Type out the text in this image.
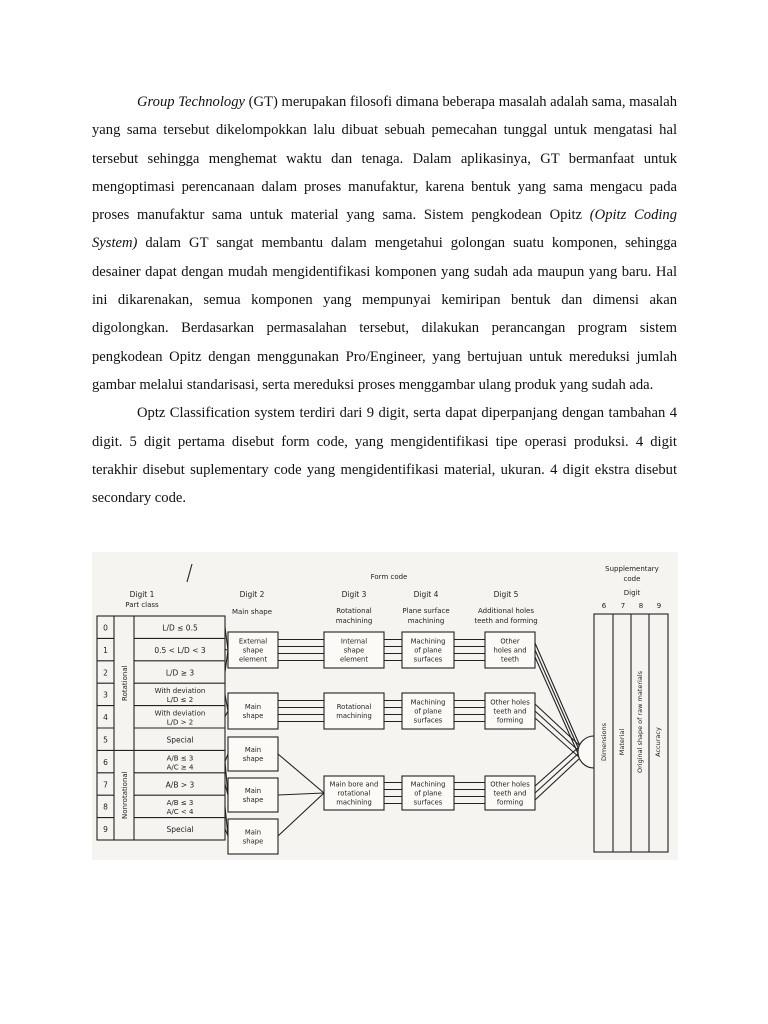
Group Technology (GT) merupakan filosofi dimana beberapa masalah adalah sama, masalah yang sama tersebut dikelompokkan lalu dibuat sebuah pemecahan tunggal untuk mengatasi hal tersebut sehingga menghemat waktu dan tenaga. Dalam aplikasinya, GT bermanfaat untuk mengoptimasi perencanaan dalam proses manufaktur, karena bentuk yang sama mengacu pada proses manufaktur sama untuk material yang sama. Sistem pengkodean Opitz (Opitz Coding System) dalam GT sangat membantu dalam mengetahui golongan suatu komponen, sehingga desainer dapat dengan mudah mengidentifikasi komponen yang sudah ada maupun yang baru. Hal ini dikarenakan, semua komponen yang mempunyai kemiripan bentuk dan dimensi akan digolongkan. Berdasarkan permasalahan tersebut, dilakukan perancangan program sistem pengkodean Opitz dengan menggunakan Pro/Engineer, yang bertujuan untuk mereduksi jumlah gambar melalui standarisasi, serta mereduksi proses menggambar ulang produk yang sudah ada.

Optz Classification system terdiri dari 9 digit, serta dapat diperpanjang dengan tambahan 4 digit. 5 digit pertama disebut form code, yang mengidentifikasi tipe operasi produksi. 4 digit terakhir disebut suplementary code yang mengidentifikasi material, ukuran. 4 digit ekstra disebut secondary code.

Form code
Supplementary
code
Digit
6 7 8 9
Digit 1
Part class
Digit 2
Main shape
Digit 3
Rotational
machining
Digit 4
Plane surface
machining
Digit 5
Additional holes
teeth and forming
0	L/D ≤ 0.5
1	0.5 < L/D < 3
2	L/D ≥ 3
3	With deviation
L/D ≤ 2
4	With deviation
L/D > 2
5	Special
6	A/B ≤ 3
A/C ≥ 4
7	A/B > 3
8	A/B ≤ 3
A/C < 4
9	Special
Rotational
Nonrotational
External
shape
element
Main
shape
Main
shape
Main
shape
Main
shape
Internal
shape
element
Rotational
machining
Main bore and
rotational
machining
Machining
of plane
surfaces
Machining
of plane
surfaces
Machining
of plane
surfaces
Other
holes and
teeth
Other holes
teeth and
forming
Other holes
teeth and
forming
Dimensions Material Original shape of raw materials Accuracy
